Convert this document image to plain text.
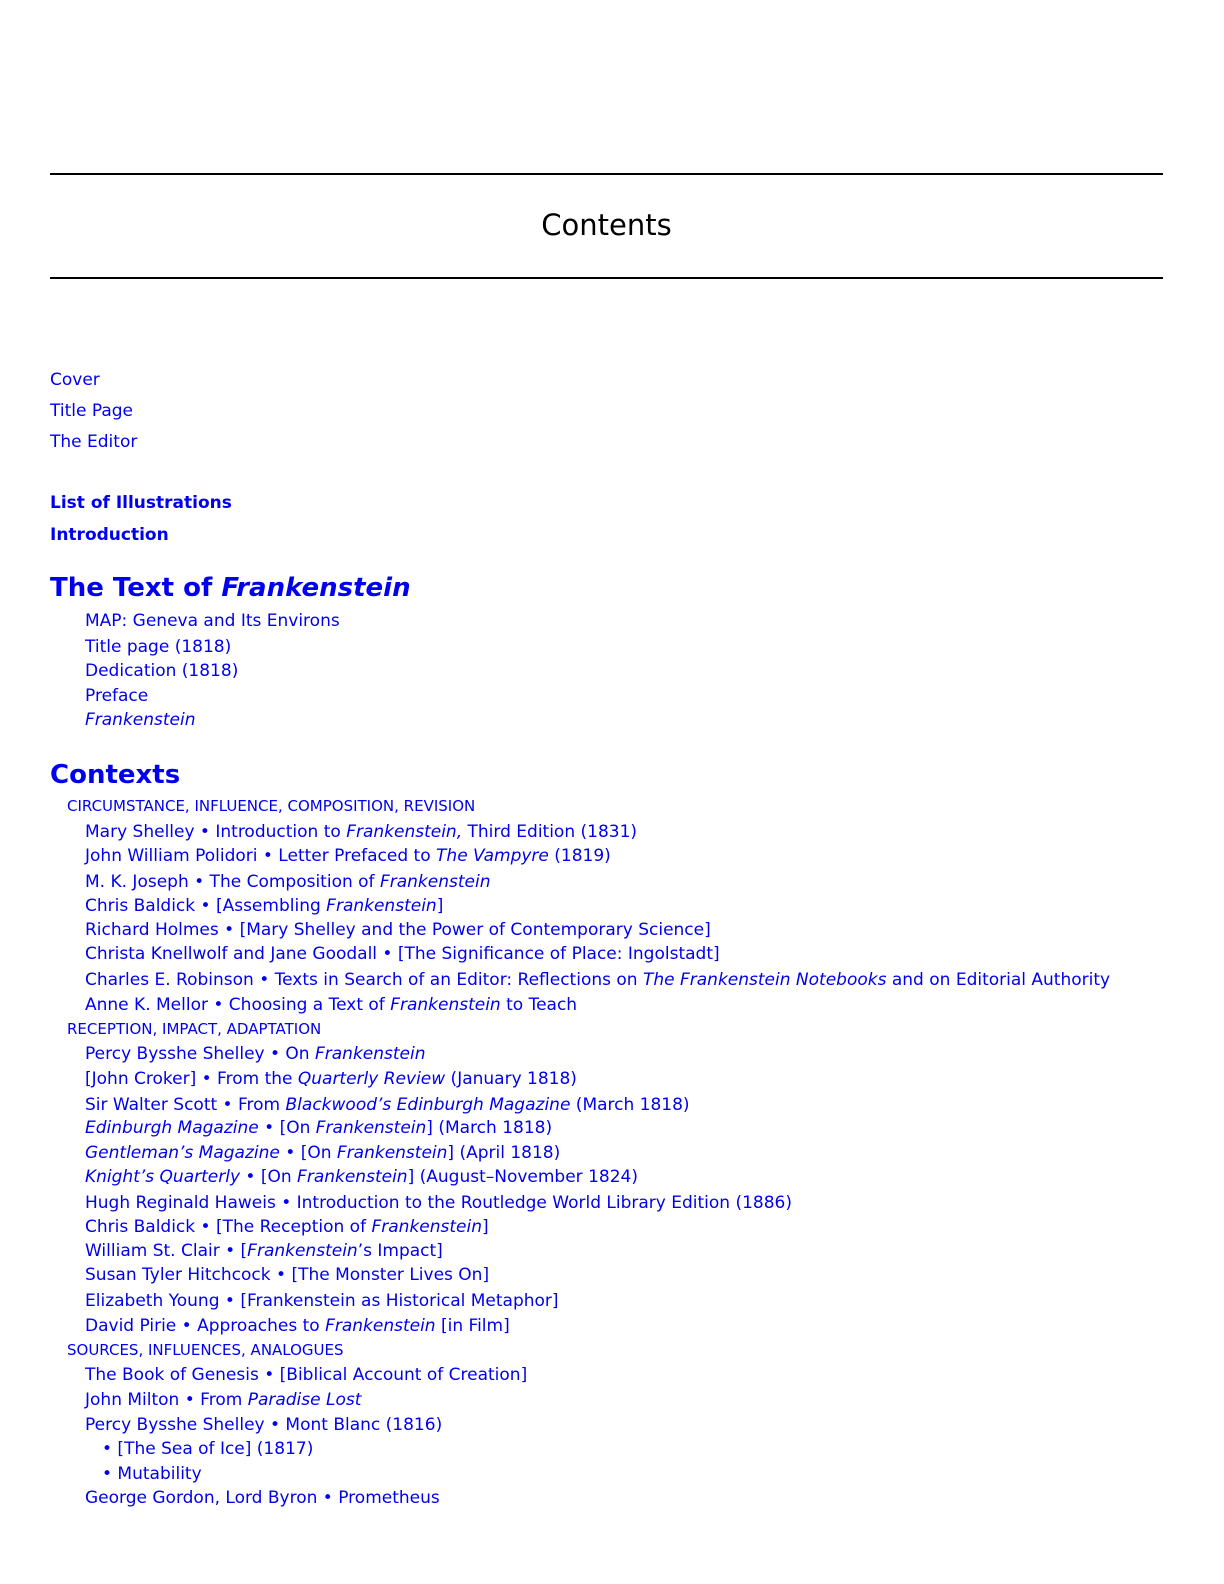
Contents
Cover
Title Page
The Editor
List of Illustrations
Introduction
The Text of Frankenstein
MAP: Geneva and Its Environs
Title page (1818)
Dedication (1818)
Preface
Frankenstein
Contexts
CIRCUMSTANCE, INFLUENCE, COMPOSITION, REVISION
Mary Shelley • Introduction to Frankenstein, Third Edition (1831)
John William Polidori • Letter Prefaced to The Vampyre (1819)
M. K. Joseph • The Composition of Frankenstein
Chris Baldick • [Assembling Frankenstein]
Richard Holmes • [Mary Shelley and the Power of Contemporary Science]
Christa Knellwolf and Jane Goodall • [The Significance of Place: Ingolstadt]
Charles E. Robinson • Texts in Search of an Editor: Reflections on The Frankenstein Notebooks and on Editorial Authority
Anne K. Mellor • Choosing a Text of Frankenstein to Teach
RECEPTION, IMPACT, ADAPTATION
Percy Bysshe Shelley • On Frankenstein
[John Croker] • From the Quarterly Review (January 1818)
Sir Walter Scott • From Blackwood’s Edinburgh Magazine (March 1818)
Edinburgh Magazine • [On Frankenstein] (March 1818)
Gentleman’s Magazine • [On Frankenstein] (April 1818)
Knight’s Quarterly • [On Frankenstein] (August–November 1824)
Hugh Reginald Haweis • Introduction to the Routledge World Library Edition (1886)
Chris Baldick • [The Reception of Frankenstein]
William St. Clair • [Frankenstein’s Impact]
Susan Tyler Hitchcock • [The Monster Lives On]
Elizabeth Young • [Frankenstein as Historical Metaphor]
David Pirie • Approaches to Frankenstein [in Film]
SOURCES, INFLUENCES, ANALOGUES
The Book of Genesis • [Biblical Account of Creation]
John Milton • From Paradise Lost
Percy Bysshe Shelley • Mont Blanc (1816)
• [The Sea of Ice] (1817)
• Mutability
George Gordon, Lord Byron • Prometheus
